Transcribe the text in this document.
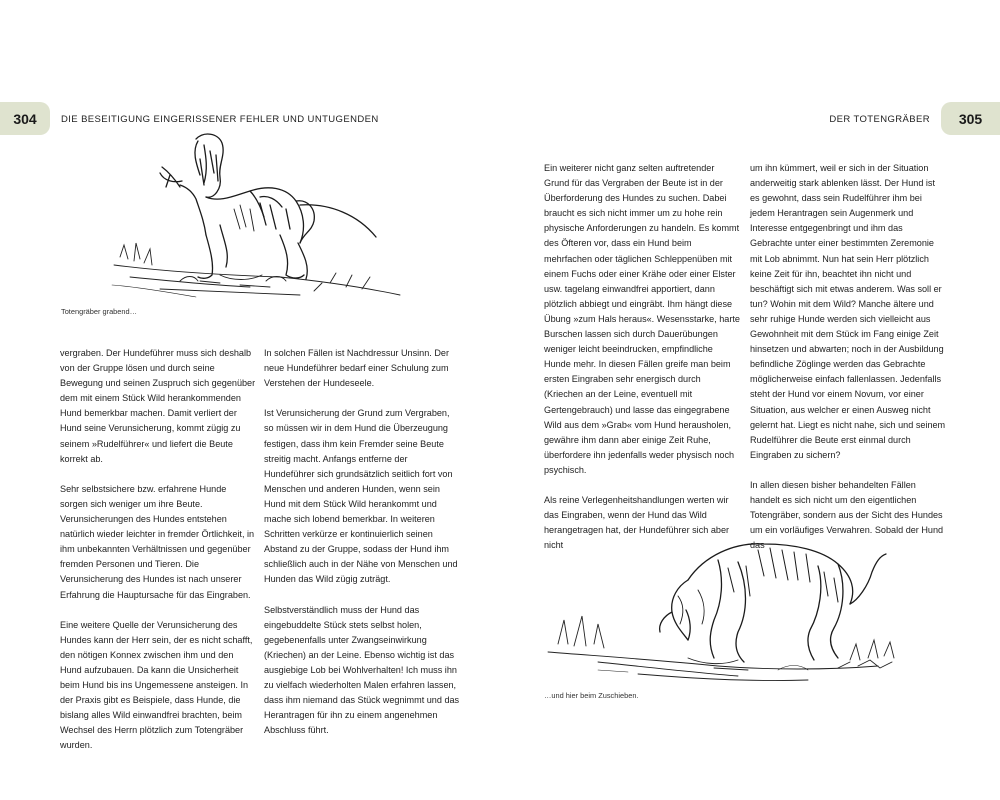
304	305
DIE BESEITIGUNG EINGERISSENER FEHLER UND UNTUGENDEN	DER TOTENGRÄBER
Totengräber grabend…

vergraben. Der Hundeführer muss sich deshalb von der Gruppe lösen und durch seine Bewegung und seinen Zuspruch sich gegenüber dem mit einem Stück Wild herankommenden Hund bemerkbar machen. Damit verliert der Hund seine Verunsicherung, kommt zügig zu seinem »Rudelführer« und liefert die Beute korrekt ab.

Sehr selbstsichere bzw. erfahrene Hunde sorgen sich weniger um ihre Beute. Verunsicherungen des Hundes entstehen natürlich wieder leichter in fremder Örtlichkeit, in ihm unbekannten Verhältnissen und gegenüber fremden Personen und Tieren. Die Verunsicherung des Hundes ist nach unserer Erfahrung die Hauptursache für das Eingraben.

Eine weitere Quelle der Verunsicherung des Hundes kann der Herr sein, der es nicht schafft, den nötigen Konnex zwischen ihm und den Hund aufzubauen. Da kann die Unsicherheit beim Hund bis ins Ungemessene ansteigen. In der Praxis gibt es Beispiele, dass Hunde, die bislang alles Wild einwandfrei brachten, beim Wechsel des Herrn plötzlich zum Totengräber wurden.

In solchen Fällen ist Nachdressur Unsinn. Der neue Hundeführer bedarf einer Schulung zum Verstehen der Hundeseele.

Ist Verunsicherung der Grund zum Vergraben, so müssen wir in dem Hund die Überzeugung festigen, dass ihm kein Fremder seine Beute streitig macht. Anfangs entferne der Hundeführer sich grundsätzlich seitlich fort von Menschen und anderen Hunden, wenn sein Hund mit dem Stück Wild herankommt und mache sich lobend bemerkbar. In weiteren Schritten verkürze er kontinuierlich seinen Abstand zu der Gruppe, sodass der Hund ihm schließlich auch in der Nähe von Menschen und Hunden das Wild zügig zuträgt.

Selbstverständlich muss der Hund das eingebuddelte Stück stets selbst holen, gegebenenfalls unter Zwangseinwirkung (Kriechen) an der Leine. Ebenso wichtig ist das ausgiebige Lob bei Wohlverhalten! Ich muss ihn zu vielfach wiederholten Malen erfahren lassen, dass ihm niemand das Stück wegnimmt und das Herantragen für ihn zu einem angenehmen Abschluss führt.

Ein weiterer nicht ganz selten auftretender Grund für das Vergraben der Beute ist in der Überforderung des Hundes zu suchen. Dabei braucht es sich nicht immer um zu hohe rein physische Anforderungen zu handeln. Es kommt des Öfteren vor, dass ein Hund beim mehrfachen oder täglichen Schleppenüben mit einem Fuchs oder einer Krähe oder einer Elster usw. tagelang einwandfrei apportiert, dann plötzlich abbiegt und eingräbt. Ihm hängt diese Übung »zum Hals heraus«. Wesensstarke, harte Burschen lassen sich durch Dauerübungen weniger leicht beeindrucken, empfindliche Hunde mehr. In diesen Fällen greife man beim ersten Eingraben sehr energisch durch (Kriechen an der Leine, eventuell mit Gertengebrauch) und lasse das eingegrabene Wild aus dem »Grab« vom Hund herausholen, gewähre ihm dann aber einige Zeit Ruhe, überfordere ihn jedenfalls weder physisch noch psychisch.

Als reine Verlegenheitshandlungen werten wir das Eingraben, wenn der Hund das Wild herangetragen hat, der Hundeführer sich aber nicht

um ihn kümmert, weil er sich in der Situation anderweitig stark ablenken lässt. Der Hund ist es gewohnt, dass sein Rudelführer ihm bei jedem Herantragen sein Augenmerk und Interesse entgegenbringt und ihm das Gebrachte unter einer bestimmten Zeremonie mit Lob abnimmt. Nun hat sein Herr plötzlich keine Zeit für ihn, beachtet ihn nicht und beschäftigt sich mit etwas anderem. Was soll er tun? Wohin mit dem Wild? Manche ältere und sehr ruhige Hunde werden sich vielleicht aus Gewohnheit mit dem Stück im Fang einige Zeit hinsetzen und abwarten; noch in der Ausbildung befindliche Zöglinge werden das Gebrachte möglicherweise einfach fallenlassen. Jedenfalls steht der Hund vor einem Novum, vor einer Situation, aus welcher er einen Ausweg nicht gelernt hat. Liegt es nicht nahe, sich und seinem Rudelführer die Beute erst einmal durch Eingraben zu sichern?

In allen diesen bisher behandelten Fällen handelt es sich nicht um den eigentlichen Totengräber, sondern aus der Sicht des Hundes um ein vorläufiges Verwahren. Sobald der Hund das

…und hier beim Zuschieben.
